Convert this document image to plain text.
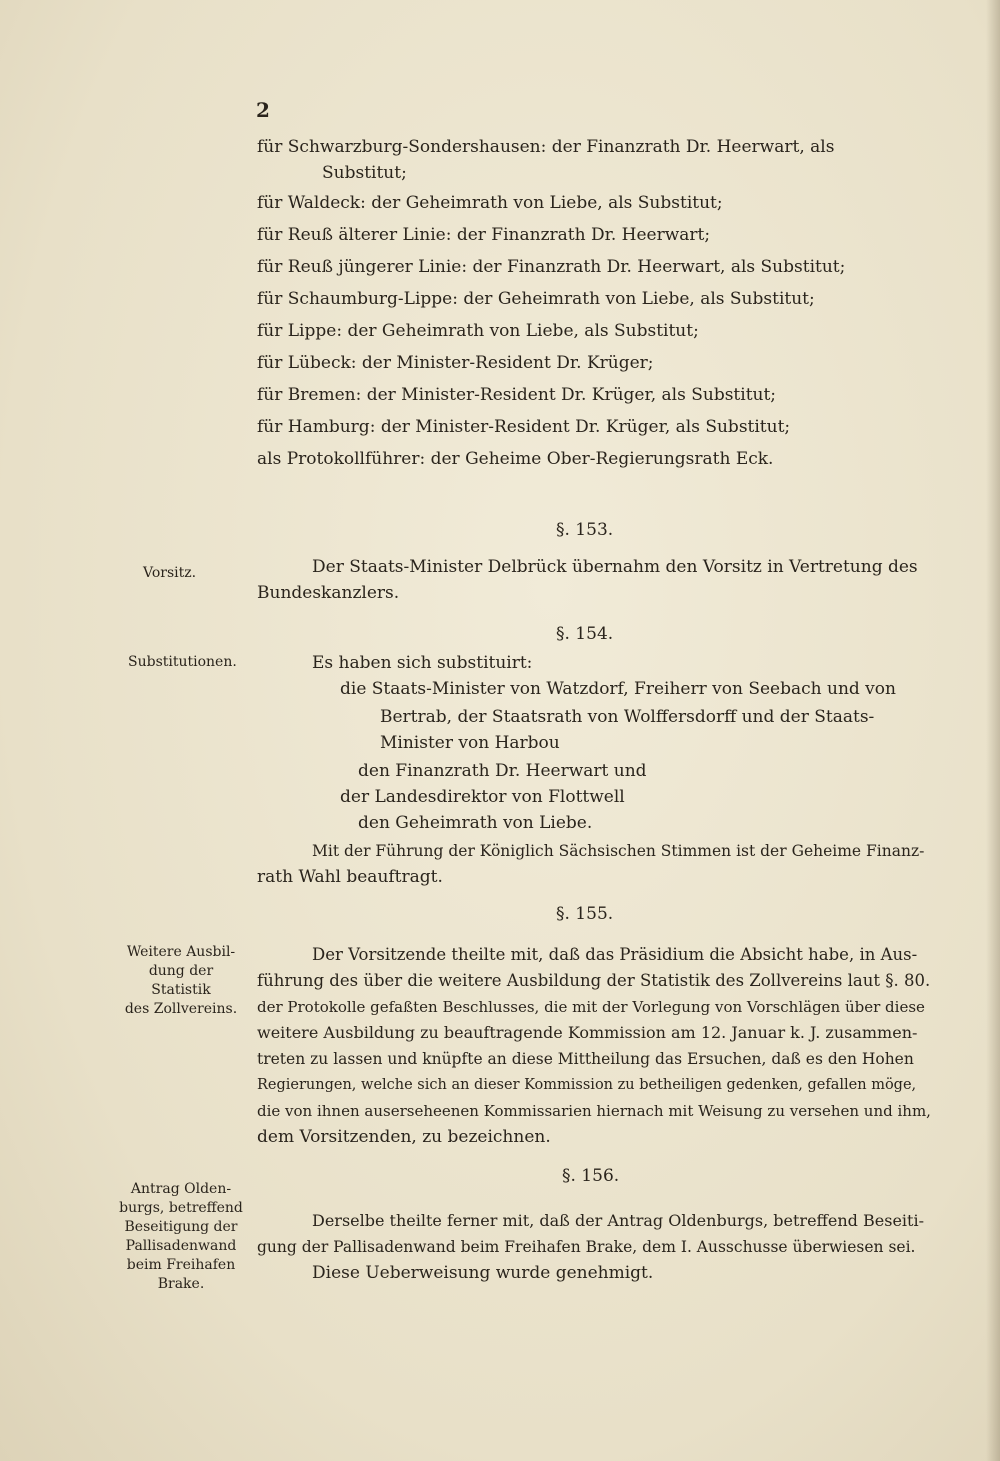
2
für Schwarzburg-Sondershausen: der Finanzrath Dr. Heerwart, als
Substitut;
für Waldeck: der Geheimrath von Liebe, als Substitut;
für Reuß älterer Linie: der Finanzrath Dr. Heerwart;
für Reuß jüngerer Linie: der Finanzrath Dr. Heerwart, als Substitut;
für Schaumburg-Lippe: der Geheimrath von Liebe, als Substitut;
für Lippe: der Geheimrath von Liebe, als Substitut;
für Lübeck: der Minister-Resident Dr. Krüger;
für Bremen: der Minister-Resident Dr. Krüger, als Substitut;
für Hamburg: der Minister-Resident Dr. Krüger, als Substitut;
als Protokollführer: der Geheime Ober-Regierungsrath Eck.
§. 153.
Vorsitz.	Der Staats-Minister Delbrück übernahm den Vorsitz in Vertretung des
Bundeskanzlers.
§. 154.
Substitutionen.	Es haben sich substituirt:
die Staats-Minister von Watzdorf, Freiherr von Seebach und von
Bertrab, der Staatsrath von Wolffersdorff und der Staats-
Minister von Harbou
den Finanzrath Dr. Heerwart und
der Landesdirektor von Flottwell
den Geheimrath von Liebe.
Mit der Führung der Königlich Sächsischen Stimmen ist der Geheime Finanz-
rath Wahl beauftragt.
§. 155.
Weitere Ausbil-
dung der Statistik
des Zollvereins.
Der Vorsitzende theilte mit, daß das Präsidium die Absicht habe, in Aus-
führung des über die weitere Ausbildung der Statistik des Zollvereins laut §. 80.
der Protokolle gefaßten Beschlusses, die mit der Vorlegung von Vorschlägen über diese
weitere Ausbildung zu beauftragende Kommission am 12. Januar k. J. zusammen-
treten zu lassen und knüpfte an diese Mittheilung das Ersuchen, daß es den Hohen
Regierungen, welche sich an dieser Kommission zu betheiligen gedenken, gefallen möge,
die von ihnen auserseheenen Kommissarien hiernach mit Weisung zu versehen und ihm,
dem Vorsitzenden, zu bezeichnen.
§. 156.
Antrag Olden-
burgs, betreffend
Beseitigung der
Pallisadenwand
beim Freihafen
Brake.
Derselbe theilte ferner mit, daß der Antrag Oldenburgs, betreffend Beseiti-
gung der Pallisadenwand beim Freihafen Brake, dem I. Ausschusse überwiesen sei.
Diese Ueberweisung wurde genehmigt.
